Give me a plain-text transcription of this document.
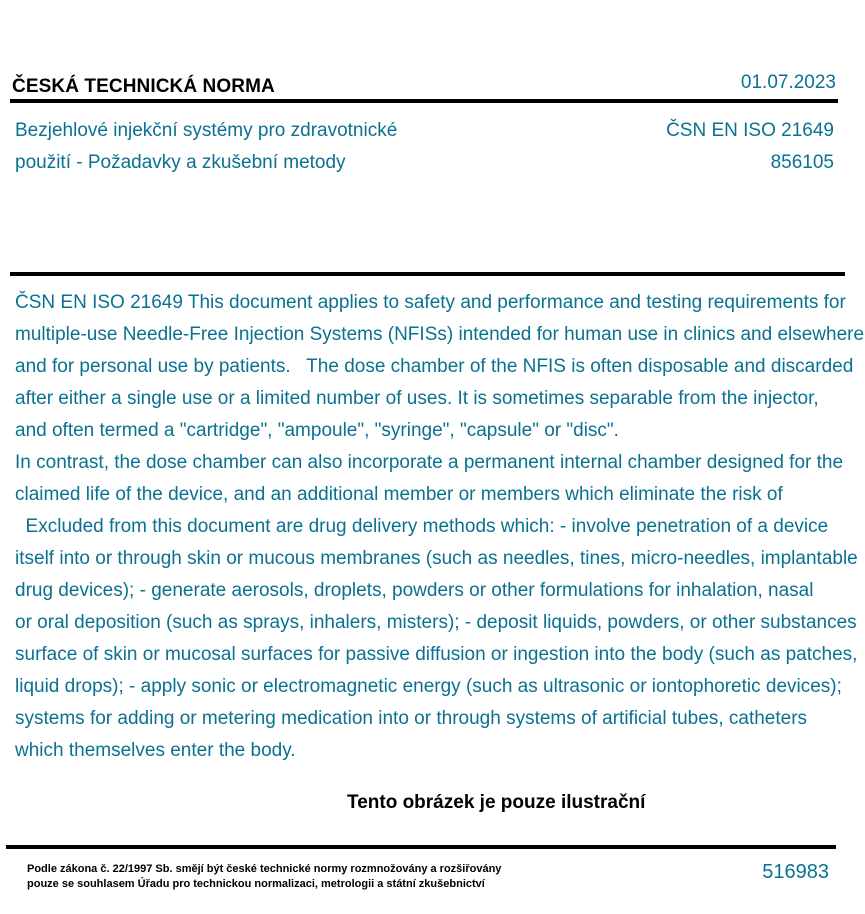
ČESKÁ TECHNICKÁ NORMA	01.07.2023
Bezjehlové injekční systémy pro zdravotnické
použití - Požadavky a zkušební metody
ČSN EN ISO 21649
856105
ČSN EN ISO 21649 This document applies to safety and performance and testing requirements for
multiple-use Needle-Free Injection Systems (NFISs) intended for human use in clinics and elsewhere
and for personal use by patients.   The dose chamber of the NFIS is often disposable and discarded
after either a single use or a limited number of uses. It is sometimes separable from the injector,
and often termed a "cartridge", "ampoule", "syringe", "capsule" or "disc".
In contrast, the dose chamber can also incorporate a permanent internal chamber designed for the
claimed life of the device, and an additional member or members which eliminate the risk of
Excluded from this document are drug delivery methods which: - involve penetration of a device
itself into or through skin or mucous membranes (such as needles, tines, micro-needles, implantable
drug devices); - generate aerosols, droplets, powders or other formulations for inhalation, nasal
or oral deposition (such as sprays, inhalers, misters); - deposit liquids, powders, or other substances
surface of skin or mucosal surfaces for passive diffusion or ingestion into the body (such as patches,
liquid drops); - apply sonic or electromagnetic energy (such as ultrasonic or iontophoretic devices);
systems for adding or metering medication into or through systems of artificial tubes, catheters
which themselves enter the body.
Tento obrázek je pouze ilustrační
Podle zákona č. 22/1997 Sb. smějí být české technické normy rozmnožovány a rozšiřovány
pouze se souhlasem Úřadu pro technickou normalizaci, metrologii a státní zkušebnictví
516983
